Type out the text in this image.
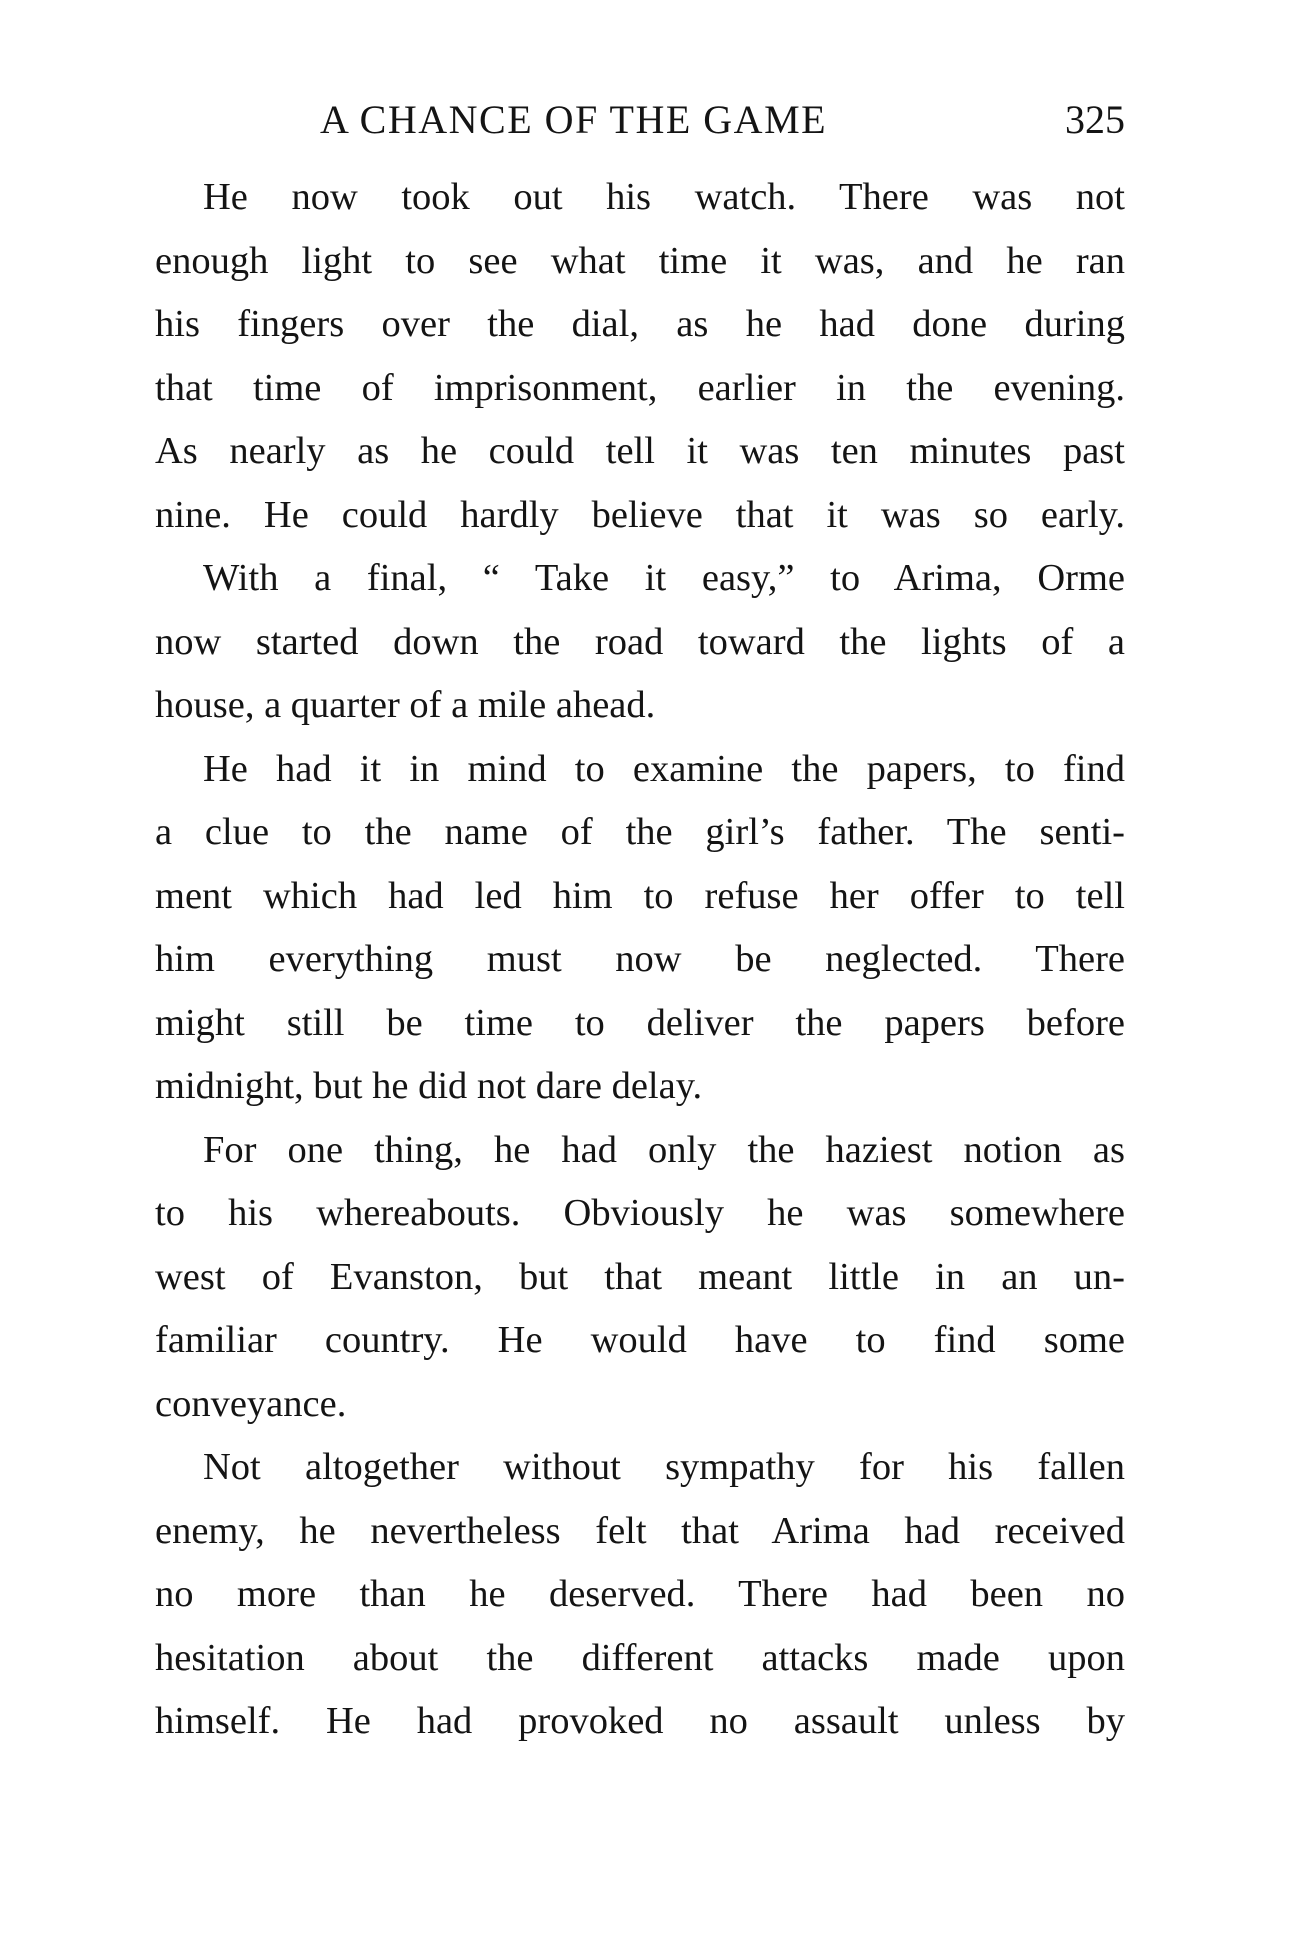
A CHANCE OF THE GAME	325
He now took out his watch. There was not
enough light to see what time it was, and he ran
his fingers over the dial, as he had done during
that time of imprisonment, earlier in the evening.
As nearly as he could tell it was ten minutes past
nine. He could hardly believe that it was so early.
With a final, “ Take it easy,” to Arima, Orme
now started down the road toward the lights of a
house, a quarter of a mile ahead.
He had it in mind to examine the papers, to find
a clue to the name of the girl’s father. The senti-
ment which had led him to refuse her offer to tell
him everything must now be neglected. There
might still be time to deliver the papers before
midnight, but he did not dare delay.
For one thing, he had only the haziest notion as
to his whereabouts. Obviously he was somewhere
west of Evanston, but that meant little in an un-
familiar country. He would have to find some
conveyance.
Not altogether without sympathy for his fallen
enemy, he nevertheless felt that Arima had received
no more than he deserved. There had been no
hesitation about the different attacks made upon
himself. He had provoked no assault unless by
